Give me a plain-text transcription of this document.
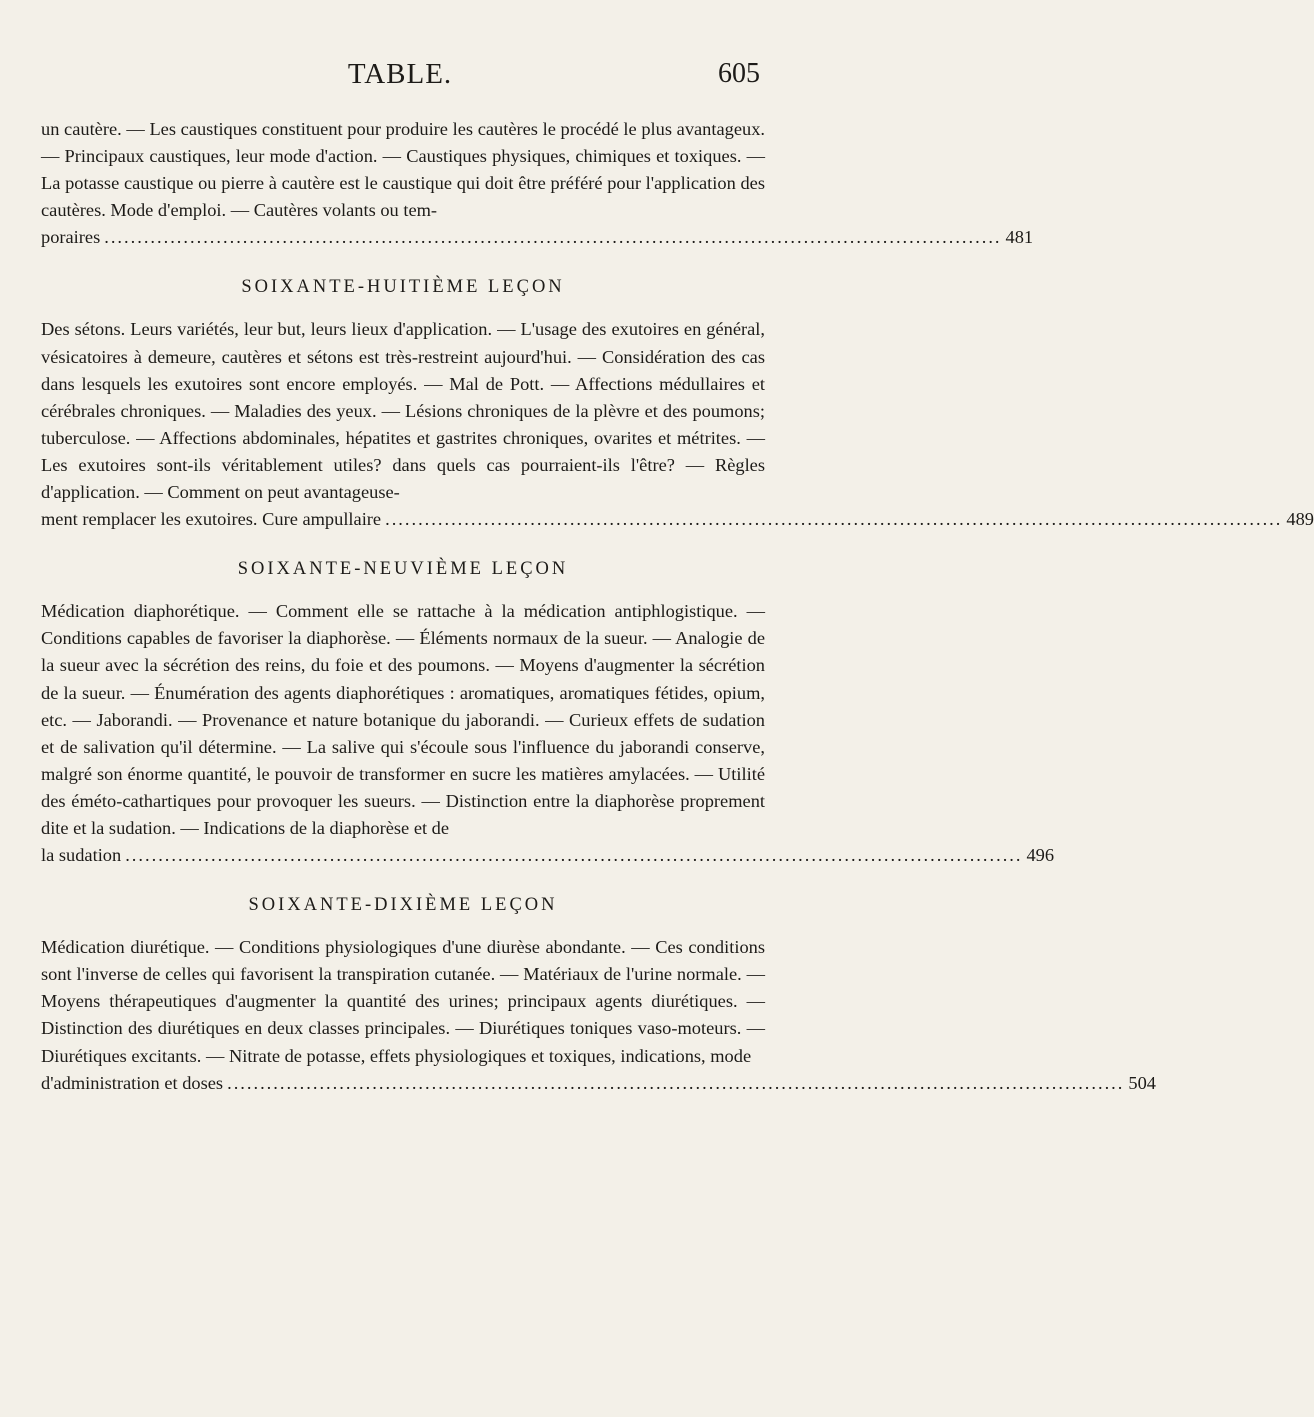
TABLE.	605

un cautère. — Les caustiques constituent pour produire les cautères le procédé le plus avantageux. — Principaux caustiques, leur mode d'action. — Caustiques physiques, chimiques et toxiques. — La potasse caustique ou pierre à cautère est le caustique qui doit être préféré pour l'application des cautères. Mode d'emploi. — Cautères volants ou tem-

poraires ........................................................................................................................................ 481
SOIXANTE-HUITIÈME LEÇON

Des sétons. Leurs variétés, leur but, leurs lieux d'application. — L'usage des exutoires en général, vésicatoires à demeure, cautères et sétons est très-restreint aujourd'hui. — Considération des cas dans lesquels les exutoires sont encore employés. — Mal de Pott. — Affections médullaires et cérébrales chroniques. — Maladies des yeux. — Lésions chroniques de la plèvre et des poumons; tuberculose. — Affections abdominales, hépatites et gastrites chroniques, ovarites et métrites. — Les exutoires sont-ils véritablement utiles? dans quels cas pourraient-ils l'être? — Règles d'application. — Comment on peut avantageuse-

ment remplacer les exutoires. Cure ampullaire ........................................................................................................................................ 489
SOIXANTE-NEUVIÈME LEÇON

Médication diaphorétique. — Comment elle se rattache à la médication antiphlogistique. — Conditions capables de favoriser la diaphorèse. — Éléments normaux de la sueur. — Analogie de la sueur avec la sécrétion des reins, du foie et des poumons. — Moyens d'augmenter la sécrétion de la sueur. — Énumération des agents diaphorétiques : aromatiques, aromatiques fétides, opium, etc. — Jaborandi. — Provenance et nature botanique du jaborandi. — Curieux effets de sudation et de salivation qu'il détermine. — La salive qui s'écoule sous l'influence du jaborandi conserve, malgré son énorme quantité, le pouvoir de transformer en sucre les matières amylacées. — Utilité des éméto-cathartiques pour provoquer les sueurs. — Distinction entre la diaphorèse proprement dite et la sudation. — Indications de la diaphorèse et de

la sudation ........................................................................................................................................ 496
SOIXANTE-DIXIÈME LEÇON

Médication diurétique. — Conditions physiologiques d'une diurèse abondante. — Ces conditions sont l'inverse de celles qui favorisent la transpiration cutanée. — Matériaux de l'urine normale. — Moyens thérapeutiques d'augmenter la quantité des urines; principaux agents diurétiques. — Distinction des diurétiques en deux classes principales. — Diurétiques toniques vaso-moteurs. — Diurétiques excitants. — Nitrate de potasse, effets physiologiques et toxiques, indications, mode

d'administration et doses ........................................................................................................................................ 504
